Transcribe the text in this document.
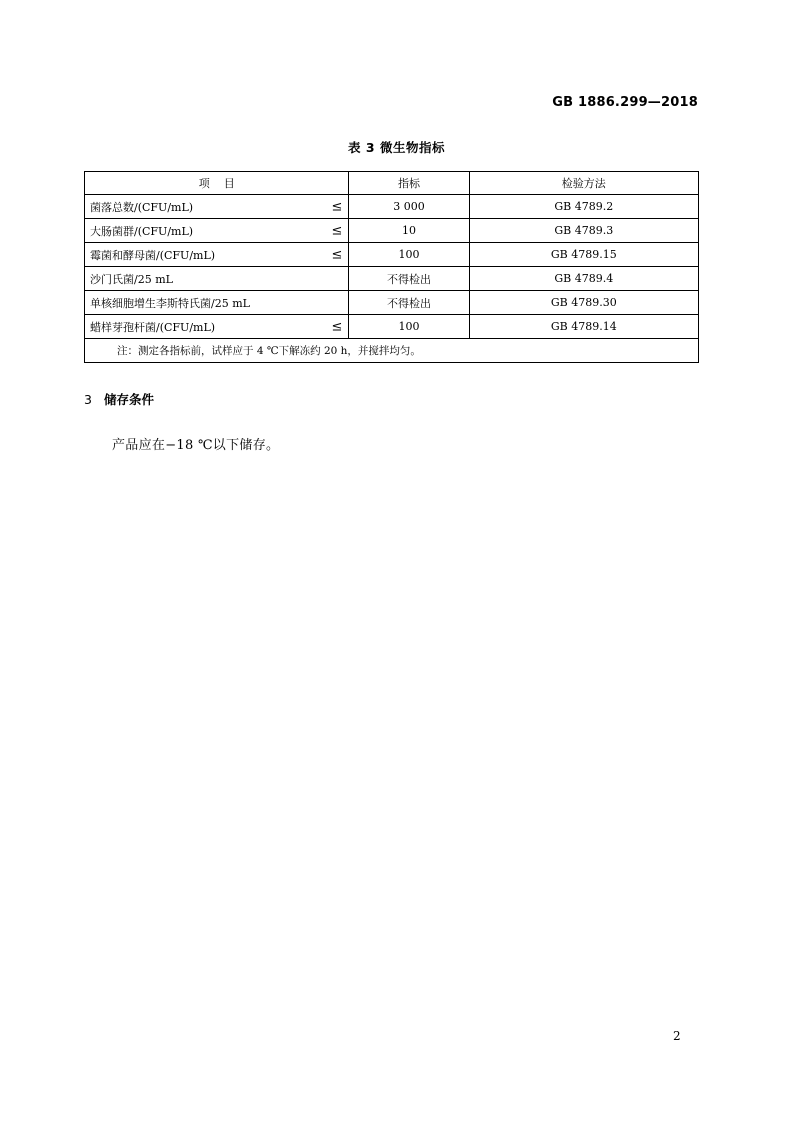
GB 1886.299—2018
表 3 微生物指标
项    目	指标	检验方法
菌落总数/(CFU/mL) ≤	3 000	GB 4789.2
大肠菌群/(CFU/mL) ≤	10	GB 4789.3
霉菌和酵母菌/(CFU/mL) ≤	100	GB 4789.15
沙门氏菌/25 mL	不得检出	GB 4789.4
单核细胞增生李斯特氏菌/25 mL	不得检出	GB 4789.30
蜡样芽孢杆菌/(CFU/mL) ≤	100	GB 4789.14
注：测定各指标前，试样应于 4 ℃下解冻约 20 h，并搅拌均匀。		
3 储存条件
产品应在−18 ℃以下储存。
2
